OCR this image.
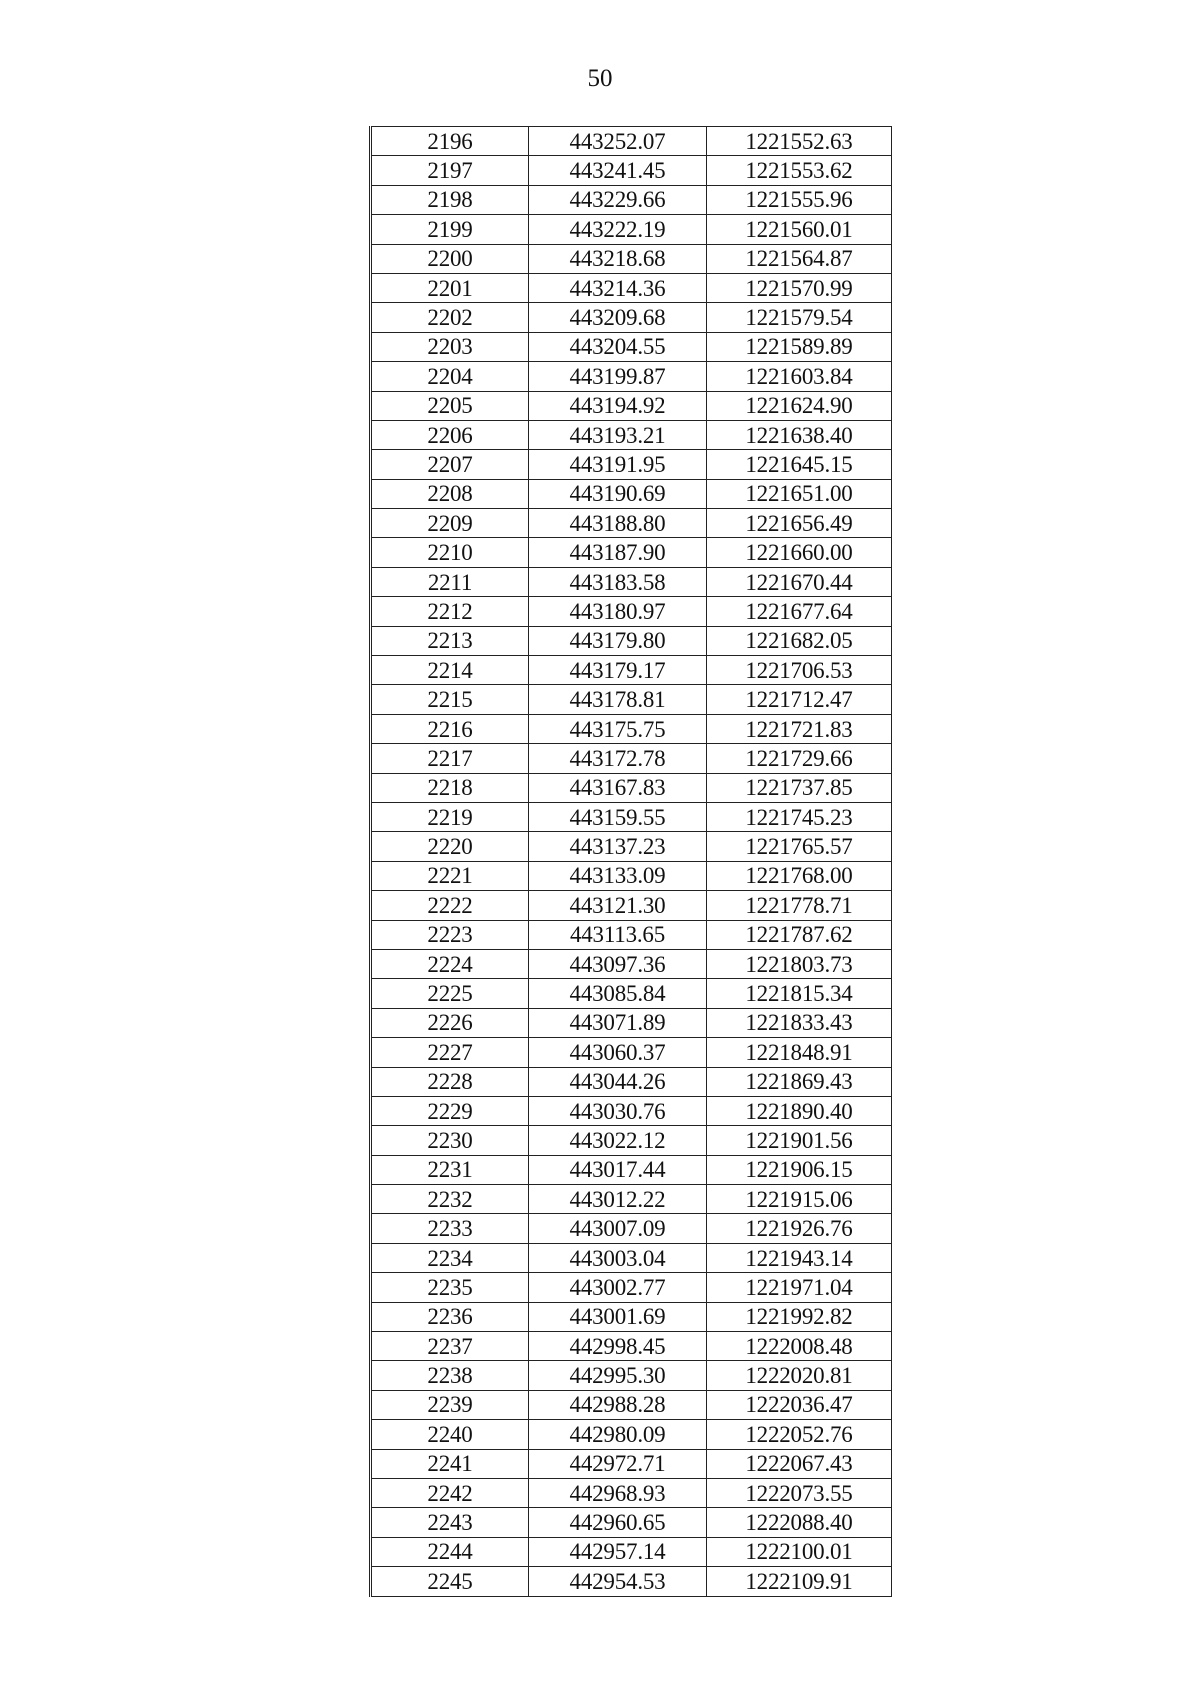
50
2196	443252.07	1221552.63
2197	443241.45	1221553.62
2198	443229.66	1221555.96
2199	443222.19	1221560.01
2200	443218.68	1221564.87
2201	443214.36	1221570.99
2202	443209.68	1221579.54
2203	443204.55	1221589.89
2204	443199.87	1221603.84
2205	443194.92	1221624.90
2206	443193.21	1221638.40
2207	443191.95	1221645.15
2208	443190.69	1221651.00
2209	443188.80	1221656.49
2210	443187.90	1221660.00
2211	443183.58	1221670.44
2212	443180.97	1221677.64
2213	443179.80	1221682.05
2214	443179.17	1221706.53
2215	443178.81	1221712.47
2216	443175.75	1221721.83
2217	443172.78	1221729.66
2218	443167.83	1221737.85
2219	443159.55	1221745.23
2220	443137.23	1221765.57
2221	443133.09	1221768.00
2222	443121.30	1221778.71
2223	443113.65	1221787.62
2224	443097.36	1221803.73
2225	443085.84	1221815.34
2226	443071.89	1221833.43
2227	443060.37	1221848.91
2228	443044.26	1221869.43
2229	443030.76	1221890.40
2230	443022.12	1221901.56
2231	443017.44	1221906.15
2232	443012.22	1221915.06
2233	443007.09	1221926.76
2234	443003.04	1221943.14
2235	443002.77	1221971.04
2236	443001.69	1221992.82
2237	442998.45	1222008.48
2238	442995.30	1222020.81
2239	442988.28	1222036.47
2240	442980.09	1222052.76
2241	442972.71	1222067.43
2242	442968.93	1222073.55
2243	442960.65	1222088.40
2244	442957.14	1222100.01
2245	442954.53	1222109.91
